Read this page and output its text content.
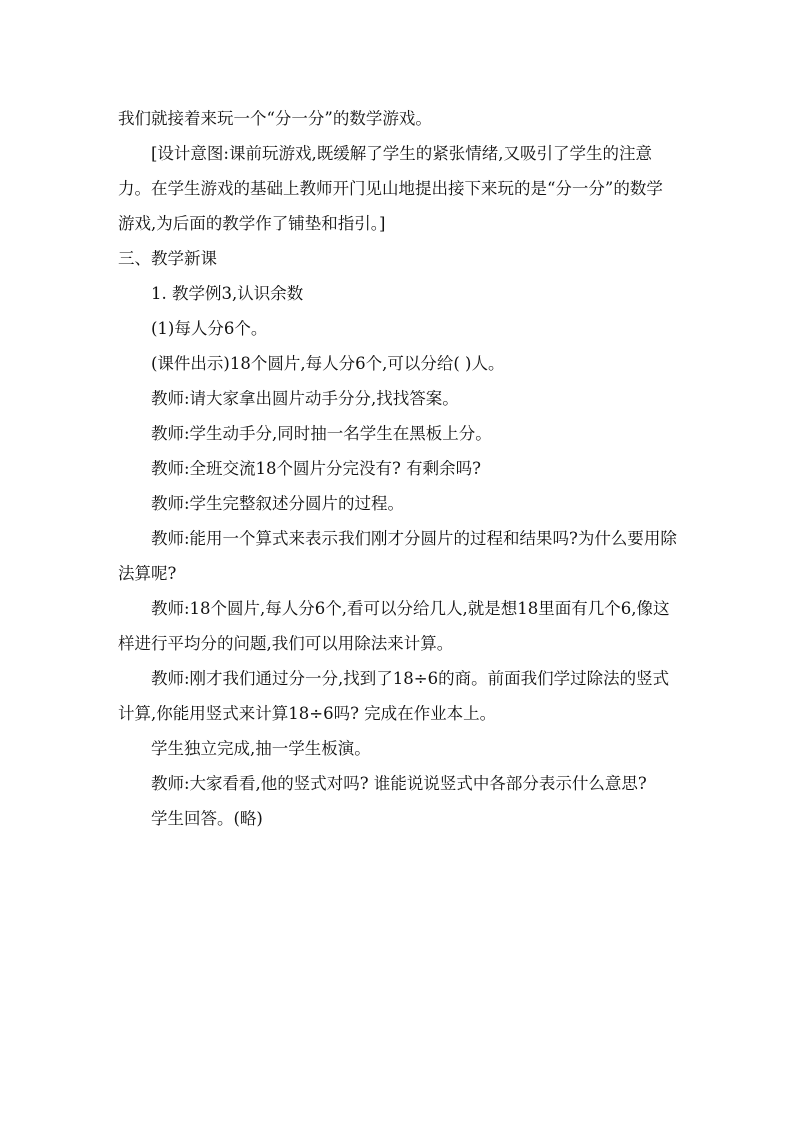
我们就接着来玩一个“分一分”的数学游戏。

[设计意图:课前玩游戏,既缓解了学生的紧张情绪,又吸引了学生的注意力。在学生游戏的基础上教师开门见山地提出接下来玩的是“分一分”的数学游戏,为后面的教学作了铺垫和指引。]

三、教学新课

1. 教学例3,认识余数

(1)每人分6个。

(课件出示)18个圆片,每人分6个,可以分给( )人。

教师:请大家拿出圆片动手分分,找找答案。

教师:学生动手分,同时抽一名学生在黑板上分。

教师:全班交流18个圆片分完没有? 有剩余吗?

教师:学生完整叙述分圆片的过程。

教师:能用一个算式来表示我们刚才分圆片的过程和结果吗?为什么要用除法算呢?

教师:18个圆片,每人分6个,看可以分给几人,就是想18里面有几个6,像这样进行平均分的问题,我们可以用除法来计算。

教师:刚才我们通过分一分,找到了18÷6的商。前面我们学过除法的竖式计算,你能用竖式来计算18÷6吗? 完成在作业本上。

学生独立完成,抽一学生板演。

教师:大家看看,他的竖式对吗? 谁能说说竖式中各部分表示什么意思?

学生回答。(略)
